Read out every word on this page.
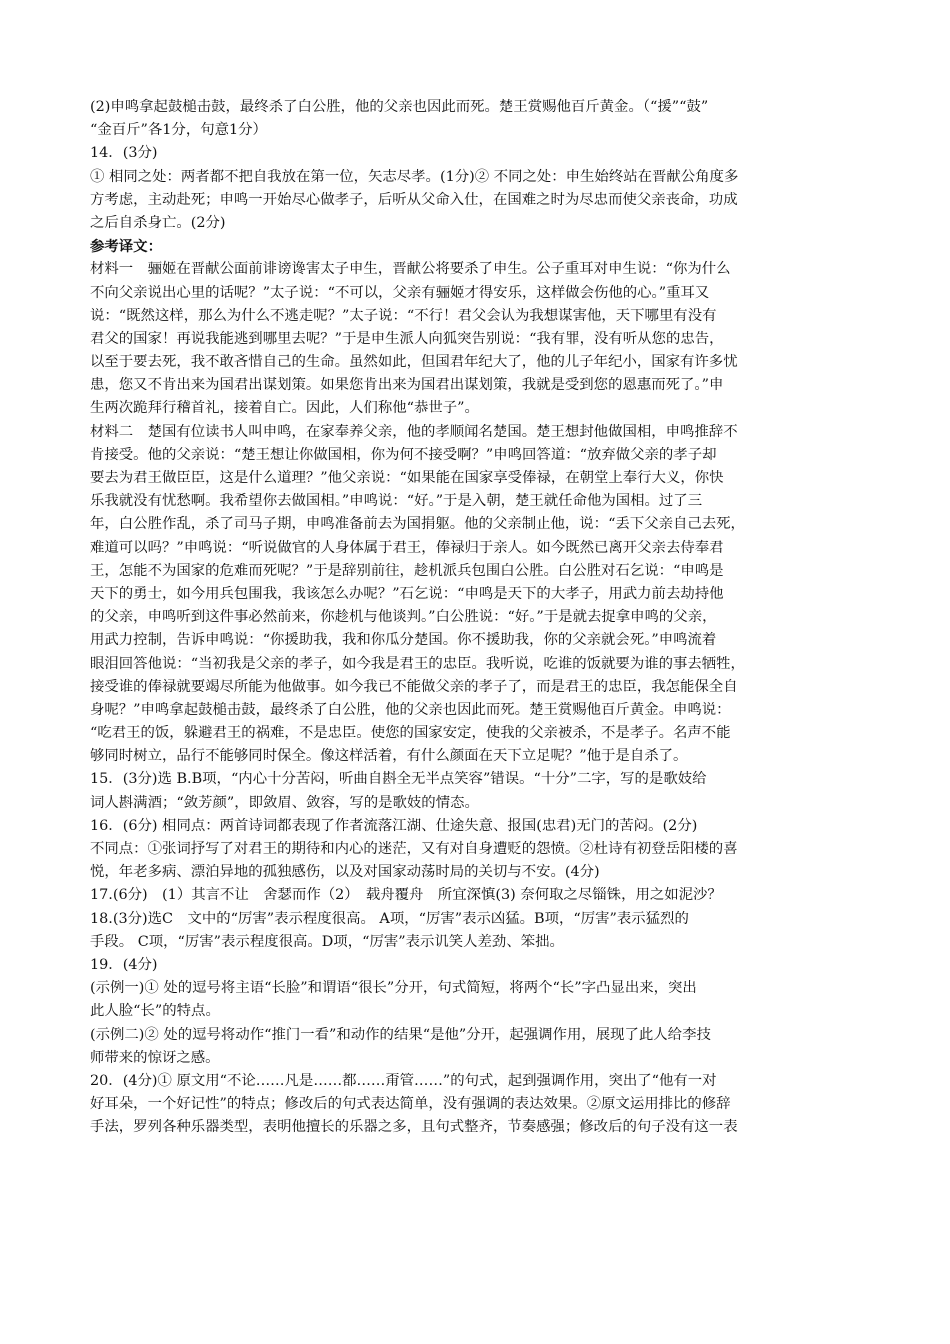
(2)申鸣拿起鼓槌击鼓，最终杀了白公胜，他的父亲也因此而死。楚王赏赐他百斤黄金。（“援”“鼓”
“金百斤”各1分，句意1分）
14．(3分)
① 相同之处：两者都不把自我放在第一位，矢志尽孝。(1分)② 不同之处：申生始终站在晋献公角度多
方考虑，主动赴死；申鸣一开始尽心做孝子，后听从父命入仕，在国难之时为尽忠而使父亲丧命，功成
之后自杀身亡。(2分)
参考译文：
材料一　骊姬在晋献公面前诽谤谗害太子申生，晋献公将要杀了申生。公子重耳对申生说：“你为什么
不向父亲说出心里的话呢？”太子说：“不可以，父亲有骊姬才得安乐，这样做会伤他的心。”重耳又
说：“既然这样，那么为什么不逃走呢？”太子说：“不行！君父会认为我想谋害他，天下哪里有没有
君父的国家！再说我能逃到哪里去呢？”于是申生派人向狐突告别说：“我有罪，没有听从您的忠告，
以至于要去死，我不敢吝惜自己的生命。虽然如此，但国君年纪大了，他的儿子年纪小，国家有许多忧
患，您又不肯出来为国君出谋划策。如果您肯出来为国君出谋划策，我就是受到您的恩惠而死了。”申
生两次跪拜行稽首礼，接着自亡。因此，人们称他“恭世子”。
材料二　楚国有位读书人叫申鸣，在家奉养父亲，他的孝顺闻名楚国。楚王想封他做国相，申鸣推辞不
肯接受。他的父亲说：“楚王想让你做国相，你为何不接受啊？”申鸣回答道：“放弃做父亲的孝子却
要去为君王做臣臣，这是什么道理？”他父亲说：“如果能在国家享受俸禄，在朝堂上奉行大义，你快
乐我就没有忧愁啊。我希望你去做国相。”申鸣说：“好。”于是入朝，楚王就任命他为国相。过了三
年，白公胜作乱，杀了司马子期，申鸣准备前去为国捐躯。他的父亲制止他，说：“丢下父亲自己去死，
难道可以吗？”申鸣说：“听说做官的人身体属于君王，俸禄归于亲人。如今既然已离开父亲去侍奉君
王，怎能不为国家的危难而死呢？”于是辞别前往，趁机派兵包围白公胜。白公胜对石乞说：“申鸣是
天下的勇士，如今用兵包围我，我该怎么办呢？”石乞说：“申鸣是天下的大孝子，用武力前去劫持他
的父亲，申鸣听到这件事必然前来，你趁机与他谈判。”白公胜说：“好。”于是就去捉拿申鸣的父亲，
用武力控制，告诉申鸣说：“你援助我，我和你瓜分楚国。你不援助我，你的父亲就会死。”申鸣流着
眼泪回答他说：“当初我是父亲的孝子，如今我是君王的忠臣。我听说，吃谁的饭就要为谁的事去牺牲，
接受谁的俸禄就要竭尽所能为他做事。如今我已不能做父亲的孝子了，而是君王的忠臣，我怎能保全自
身呢？”申鸣拿起鼓槌击鼓，最终杀了白公胜，他的父亲也因此而死。楚王赏赐他百斤黄金。申鸣说：
“吃君王的饭，躲避君王的祸难，不是忠臣。使您的国家安定，使我的父亲被杀，不是孝子。名声不能
够同时树立，品行不能够同时保全。像这样活着，有什么颜面在天下立足呢？”他于是自杀了。
15．(3分)选 B.B项，“内心十分苦闷，听曲自斟全无半点笑容”错误。“十分”二字，写的是歌妓给
词人斟满酒；“敛芳颜”，即敛眉、敛容，写的是歌妓的情态。
16．(6分) 相同点：两首诗词都表现了作者流落江湖、仕途失意、报国(忠君)无门的苦闷。(2分)
不同点：①张词抒写了对君王的期待和内心的迷茫，又有对自身遭贬的怨愤。②杜诗有初登岳阳楼的喜
悦，年老多病、漂泊异地的孤独感伤，以及对国家动荡时局的关切与不安。(4分)
17.(6分)　(1）其言不让　舍瑟而作（2）　载舟覆舟　所宜深慎(3) 奈何取之尽锱铢，用之如泥沙？
18.(3分)选C　文中的“厉害”表示程度很高。 A项，“厉害”表示凶猛。B项，“厉害”表示猛烈的
手段。 C项，“厉害”表示程度很高。D项，“厉害”表示讥笑人差劲、笨拙。
19．(4分)
(示例一)① 处的逗号将主语“长脸”和谓语“很长”分开，句式简短，将两个“长”字凸显出来，突出
此人脸“长”的特点。
(示例二)② 处的逗号将动作“推门一看”和动作的结果“是他”分开，起强调作用，展现了此人给李技
师带来的惊讶之感。
20．(4分)① 原文用“不论……凡是……都……甭管……”的句式，起到强调作用，突出了“他有一对
好耳朵，一个好记性”的特点；修改后的句式表达简单，没有强调的表达效果。②原文运用排比的修辞
手法，罗列各种乐器类型，表明他擅长的乐器之多，且句式整齐，节奏感强；修改后的句子没有这一表
